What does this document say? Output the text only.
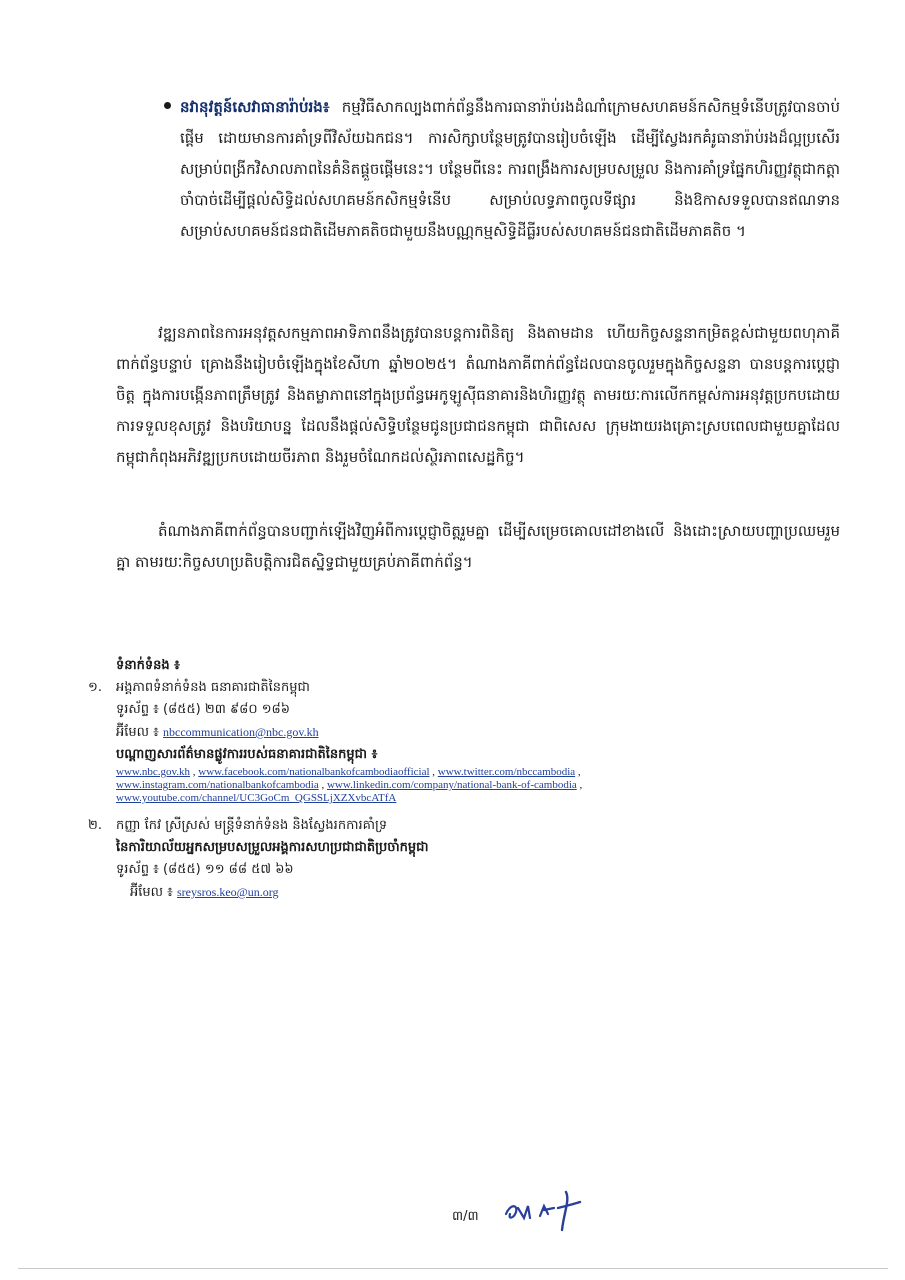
នវានុវត្តន៍សេវាធានារ៉ាប់រង៖ កម្មវិធីសាកល្បងពាក់ព័ន្ធនឹងការធានារ៉ាប់រងដំណាំក្រោមសហគមន៍កសិកម្មទំនើបត្រូវបានចាប់ផ្តើម ដោយមានការគាំទ្រពីវិស័យឯកជន។ ការសិក្សាបន្ថែមត្រូវបានរៀបចំឡើង ដើម្បីស្វែងរកគំរូធានារ៉ាប់រងដ៏ល្អប្រសើរសម្រាប់ពង្រីកវិសាលភាពនៃគំនិតផ្តួចផ្តើមនេះ។ បន្ថែមពីនេះ ការពង្រឹងការសម្របសម្រួល និងការគាំទ្រផ្នែកហិរញ្ញវត្ថុជាកត្តាចាំបាច់ដើម្បីផ្តល់សិទ្ធិដល់សហគមន៍កសិកម្មទំនើប សម្រាប់លទ្ធភាពចូលទីផ្សារ និងឱកាសទទួលបានឥណទានសម្រាប់សហគមន៍ជនជាតិដើមភាគតិចជាមួយនឹងបណ្ណកម្មសិទ្ធិដីធ្លីរបស់សហគមន៍ជនជាតិដើមភាគតិច ។

វឌ្ឍនភាពនៃការអនុវត្តសកម្មភាពអាទិភាពនឹងត្រូវបានបន្តការពិនិត្យ និងតាមដាន ហើយកិច្ចសន្ទនាកម្រិតខ្ពស់ជាមួយពហុភាគីពាក់ព័ន្ធបន្ទាប់ គ្រោងនឹងរៀបចំឡើងក្នុងខែសីហា ឆ្នាំ២០២៥។ តំណាងភាគីពាក់ព័ន្ធដែលបានចូលរួមក្នុងកិច្ចសន្ទនា បានបន្តការប្តេជ្ញាចិត្ត ក្នុងការបង្កើនភាពត្រឹមត្រូវ និងតម្លាភាពនៅក្នុងប្រព័ន្ធអេកូឡូស៊ីធនាគារនិងហិរញ្ញវត្ថុ តាមរយៈការលើកកម្ពស់ការអនុវត្តប្រកបដោយការទទួលខុសត្រូវ និងបរិយាបន្ន ដែលនឹងផ្តល់សិទ្ធិបន្ថែមជូនប្រជាជនកម្ពុជា ជាពិសេស ក្រុមងាយរងគ្រោះស្របពេលជាមួយគ្នាដែលកម្ពុជាកំពុងអភិវឌ្ឍប្រកបដោយចីរភាព និងរួមចំណែកដល់ស្ថិរភាពសេដ្ឋកិច្ច។

តំណាងភាគីពាក់ព័ន្ធបានបញ្ជាក់ឡើងវិញអំពីការប្តេជ្ញាចិត្តរួមគ្នា ដើម្បីសម្រេចគោលដៅខាងលើ និងដោះស្រាយបញ្ហាប្រឈមរួមគ្នា តាមរយៈកិច្ចសហប្រតិបត្តិការជិតស្និទ្ធជាមួយគ្រប់ភាគីពាក់ព័ន្ធ។

ទំនាក់ទំនង ៖
១.	អង្គភាពទំនាក់ទំនង ធនាគារជាតិនៃកម្ពុជា
ទូរស័ព្ទ ៖ (៨៥៥) ២៣ ៩៨០ ១៨៦
អ៊ីមែល ៖ nbccommunication@nbc.gov.kh
បណ្តាញសារព័ត៌មានផ្លូវការរបស់ធនាគារជាតិនៃកម្ពុជា ៖
www.nbc.gov.kh , www.facebook.com/nationalbankofcambodiaofficial , www.twitter.com/nbccambodia ,
www.instagram.com/nationalbankofcambodia , www.linkedin.com/company/national-bank-of-cambodia ,
www.youtube.com/channel/UC3GoCm_QGSSLjXZXvbcATfA
២.	កញ្ញា កែវ ស្រីស្រស់ មន្ត្រីទំនាក់ទំនង និងស្វែងរកការគាំទ្រ
នៃការិយាល័យអ្នកសម្របសម្រួលអង្គការសហប្រជាជាតិប្រចាំកម្ពុជា
ទូរស័ព្ទ ៖ (៨៥៥) ១១ ៨៨ ៥៧ ៦៦
អ៊ីមែល ៖ sreysros.keo@un.org
៣/៣
